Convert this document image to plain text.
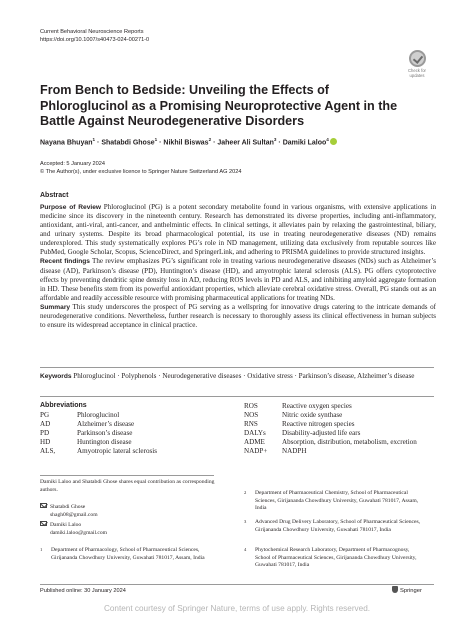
Current Behavioral Neuroscience Reports
https://doi.org/10.1007/s40473-024-00271-0
Check for
updates
From Bench to Bedside: Unveiling the Effects of Phloroglucinol as a Promising Neuroprotective Agent in the Battle Against Neurodegenerative Disorders
Nayana Bhuyan$^1$ · Shatabdi Ghose$^1$ · Nikhil Biswas$^2$ · Jaheer Ali Sultan$^3$ · Damiki Laloo$^4$
Accepted: 5 January 2024
© The Author(s), under exclusive licence to Springer Nature Switzerland AG 2024
Abstract

Purpose of Review Phloroglucinol (PG) is a potent secondary metabolite found in various organisms, with extensive applications in medicine since its discovery in the nineteenth century. Research has demonstrated its diverse properties, including anti-inflammatory, antioxidant, anti-viral, anti-cancer, and anthelmintic effects. In clinical settings, it alleviates pain by relaxing the gastrointestinal, biliary, and urinary systems. Despite its broad pharmacological potential, its use in treating neurodegenerative diseases (ND) remains underexplored. This study systematically explores PG’s role in ND management, utilizing data exclusively from reputable sources like PubMed, Google Scholar, Scopus, ScienceDirect, and SpringerLink, and adhering to PRISMA guidelines to provide structured insights.

Recent findings The review emphasizes PG’s significant role in treating various neurodegenerative diseases (NDs) such as Alzheimer’s disease (AD), Parkinson’s disease (PD), Huntington’s disease (HD), and amyotrophic lateral sclerosis (ALS). PG offers cytoprotective effects by preventing dendritic spine density loss in AD, reducing ROS levels in PD and ALS, and inhibiting amyloid aggregate formation in HD. These benefits stem from its powerful antioxidant properties, which alleviate cerebral oxidative stress. Overall, PG stands out as an affordable and readily accessible resource with promising pharmaceutical applications for treating NDs.

Summary This study underscores the prospect of PG serving as a wellspring for innovative drugs catering to the intricate demands of neurodegenerative conditions. Nevertheless, further research is necessary to thoroughly assess its clinical effectiveness in human subjects to ensure its widespread acceptance in clinical practice.

Keywords Phloroglucinol · Polyphenols · Neurodegenerative diseases · Oxidative stress · Parkinson’s disease, Alzheimer’s disease
Abbreviations
PG	Phloroglucinol
AD	Alzheimer’s disease
PD	Parkinson’s disease
HD	Huntington disease
ALS,	Amyotropic lateral sclerosis
ROS	Reactive oxygen species
NOS	Nitric oxide synthase
RNS	Reactive nitrogen species
DALYs	Disability-adjusted life ears
ADME	Absorption, distribution, metabolism, excretion
NADP+	NADPH
Damiki Laloo and Shatabdi Ghose shares equal contribution as corresponding authors.
Shatabdi Ghose
shagh08@gmail.com
Damiki Laloo
damiki.laloo@gmail.com
1 Department of Pharmacology, School of Pharmaceutical Sciences, Girijananda Chowdhury University, Guwahati 781017, Assam, India
2 Department of Pharmaceutical Chemistry, School of Pharmaceutical Sciences, Girijananda Chowdhury University, Guwahati 781017, Assam, India
3 Advanced Drug Delivery Laboratory, School of Pharmaceutical Sciences, Girijananda Chowdhury University, Guwahati 781017, India
4 Phytochemical Research Laboratory, Department of Pharmacognosy, School of Pharmaceutical Sciences, Girijananda Chowdhury University, Guwahati 781017, India
Published online: 30 January 2024	Springer
Content courtesy of Springer Nature, terms of use apply. Rights reserved.
